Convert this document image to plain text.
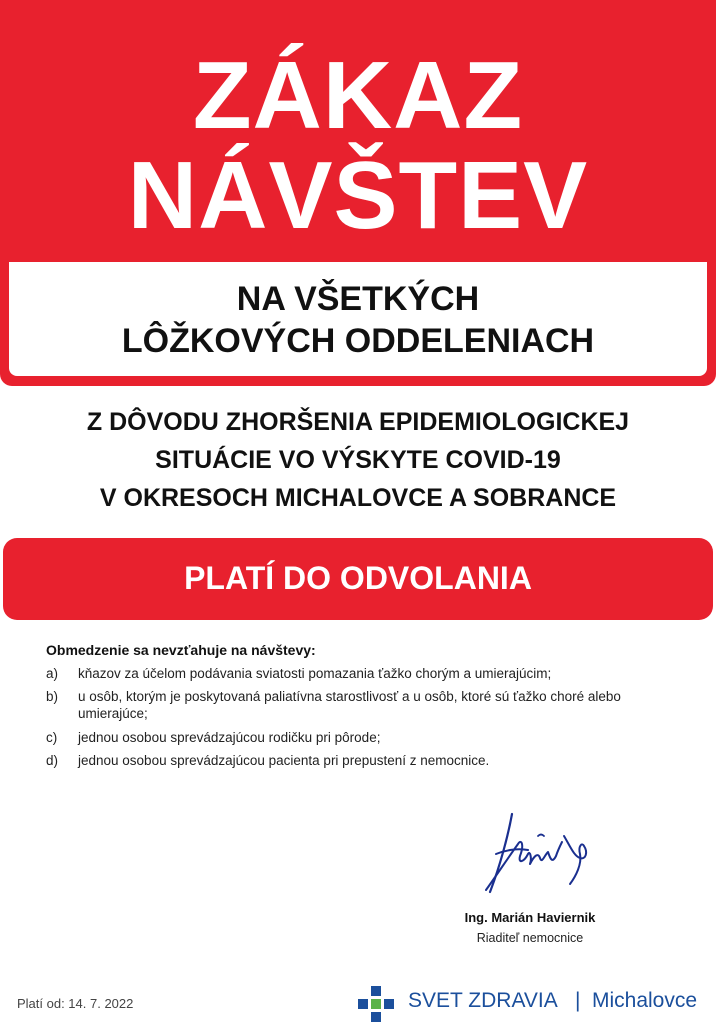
ZÁKAZ
NÁVŠTEV
NA VŠETKÝCH
LÔŽKOVÝCH ODDELENIACH
Z DÔVODU ZHORŠENIA EPIDEMIOLOGICKEJ
SITUÁCIE VO VÝSKYTE COVID-19
V OKRESOCH MICHALOVCE A SOBRANCE
PLATÍ DO ODVOLANIA
Obmedzenie sa nevzťahuje na návštevy:
a)	kňazov za účelom podávania sviatosti pomazania ťažko chorým a umierajúcim;
b)	u osôb, ktorým je poskytovaná paliatívna starostlivosť a u osôb, ktoré sú ťažko choré alebo umierajúce;
c)	jednou osobou sprevádzajúcou rodičku pri pôrode;
d)	jednou osobou sprevádzajúcou pacienta pri prepustení z nemocnice.
Ing. Marián Haviernik
Riaditeľ nemocnice
Platí od: 14. 7. 2022	SVET ZDRAVIA | Michalovce
